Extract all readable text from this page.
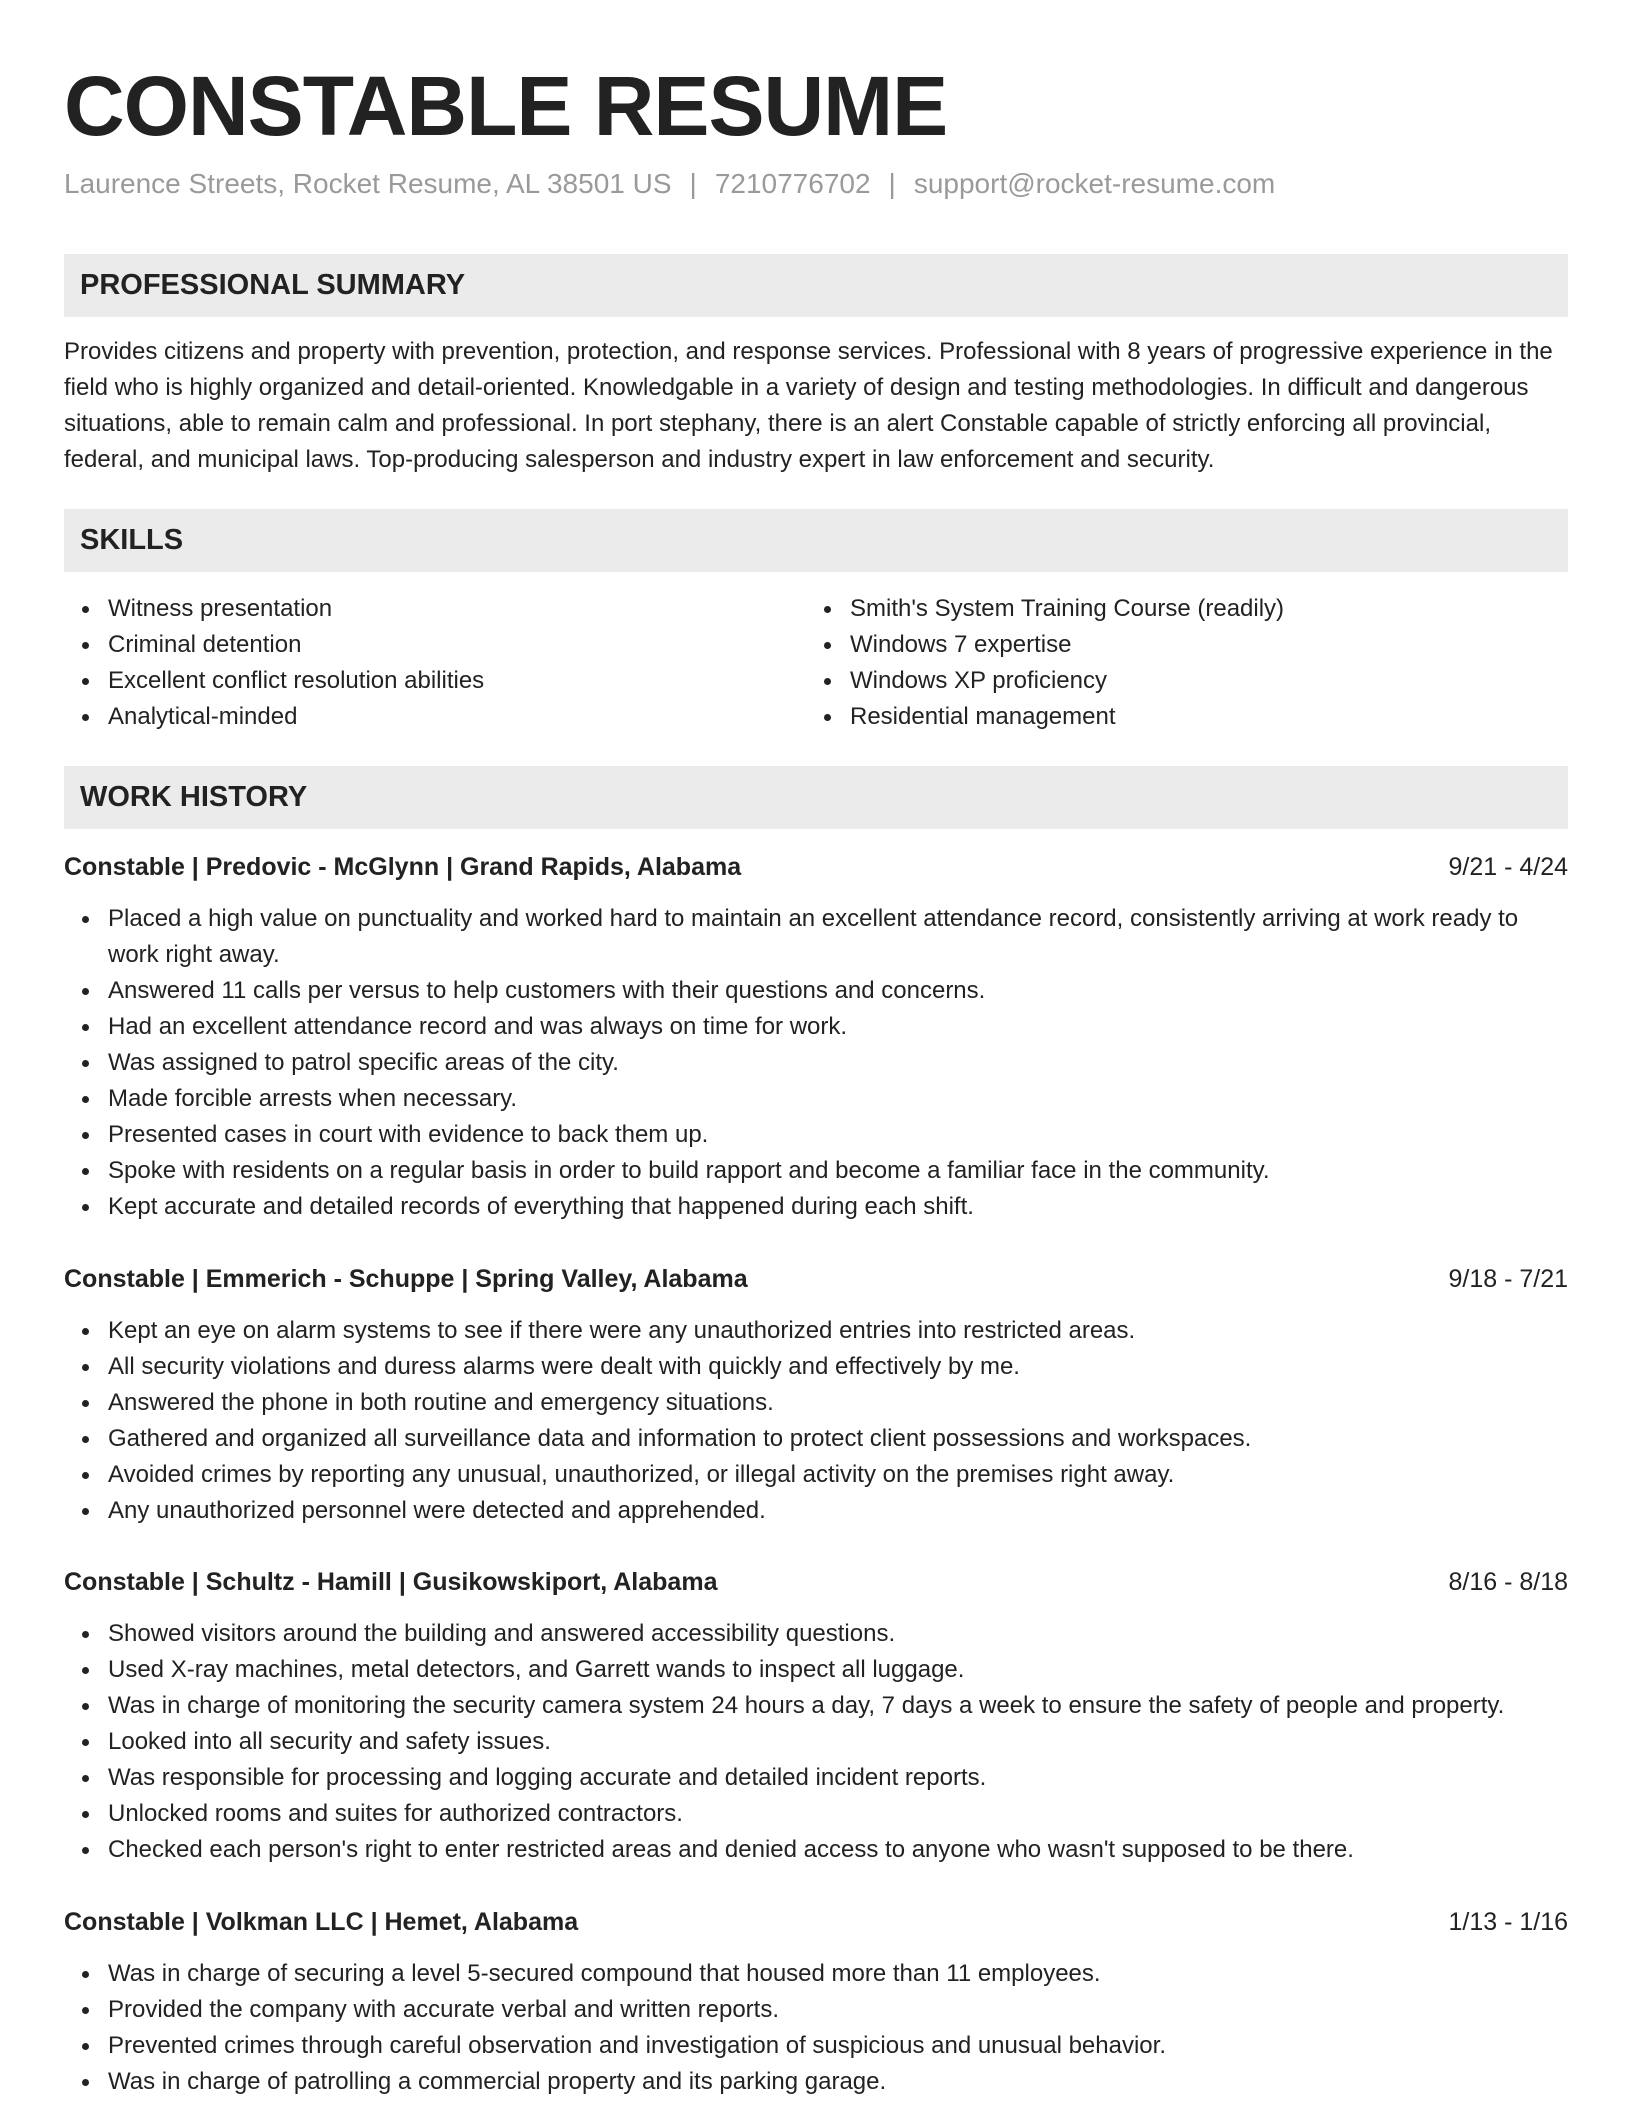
CONSTABLE RESUME
Laurence Streets, Rocket Resume, AL 38501 US | 7210776702 | support@rocket-resume.com
PROFESSIONAL SUMMARY

Provides citizens and property with prevention, protection, and response services. Professional with 8 years of progressive experience in the field who is highly organized and detail-oriented. Knowledgable in a variety of design and testing methodologies. In difficult and dangerous situations, able to remain calm and professional. In port stephany, there is an alert Constable capable of strictly enforcing all provincial, federal, and municipal laws. Top-producing salesperson and industry expert in law enforcement and security.

SKILLS
Witness presentation
Criminal detention
Excellent conflict resolution abilities
Analytical-minded
Smith's System Training Course (readily)
Windows 7 expertise
Windows XP proficiency
Residential management
WORK HISTORY
Constable | Predovic - McGlynn | Grand Rapids, Alabama	9/21 - 4/24
Placed a high value on punctuality and worked hard to maintain an excellent attendance record, consistently arriving at work ready to work right away.
Answered 11 calls per versus to help customers with their questions and concerns.
Had an excellent attendance record and was always on time for work.
Was assigned to patrol specific areas of the city.
Made forcible arrests when necessary.
Presented cases in court with evidence to back them up.
Spoke with residents on a regular basis in order to build rapport and become a familiar face in the community.
Kept accurate and detailed records of everything that happened during each shift.
Constable | Emmerich - Schuppe | Spring Valley, Alabama	9/18 - 7/21
Kept an eye on alarm systems to see if there were any unauthorized entries into restricted areas.
All security violations and duress alarms were dealt with quickly and effectively by me.
Answered the phone in both routine and emergency situations.
Gathered and organized all surveillance data and information to protect client possessions and workspaces.
Avoided crimes by reporting any unusual, unauthorized, or illegal activity on the premises right away.
Any unauthorized personnel were detected and apprehended.
Constable | Schultz - Hamill | Gusikowskiport, Alabama	8/16 - 8/18
Showed visitors around the building and answered accessibility questions.
Used X-ray machines, metal detectors, and Garrett wands to inspect all luggage.
Was in charge of monitoring the security camera system 24 hours a day, 7 days a week to ensure the safety of people and property.
Looked into all security and safety issues.
Was responsible for processing and logging accurate and detailed incident reports.
Unlocked rooms and suites for authorized contractors.
Checked each person's right to enter restricted areas and denied access to anyone who wasn't supposed to be there.
Constable | Volkman LLC | Hemet, Alabama	1/13 - 1/16
Was in charge of securing a level 5-secured compound that housed more than 11 employees.
Provided the company with accurate verbal and written reports.
Prevented crimes through careful observation and investigation of suspicious and unusual behavior.
Was in charge of patrolling a commercial property and its parking garage.
